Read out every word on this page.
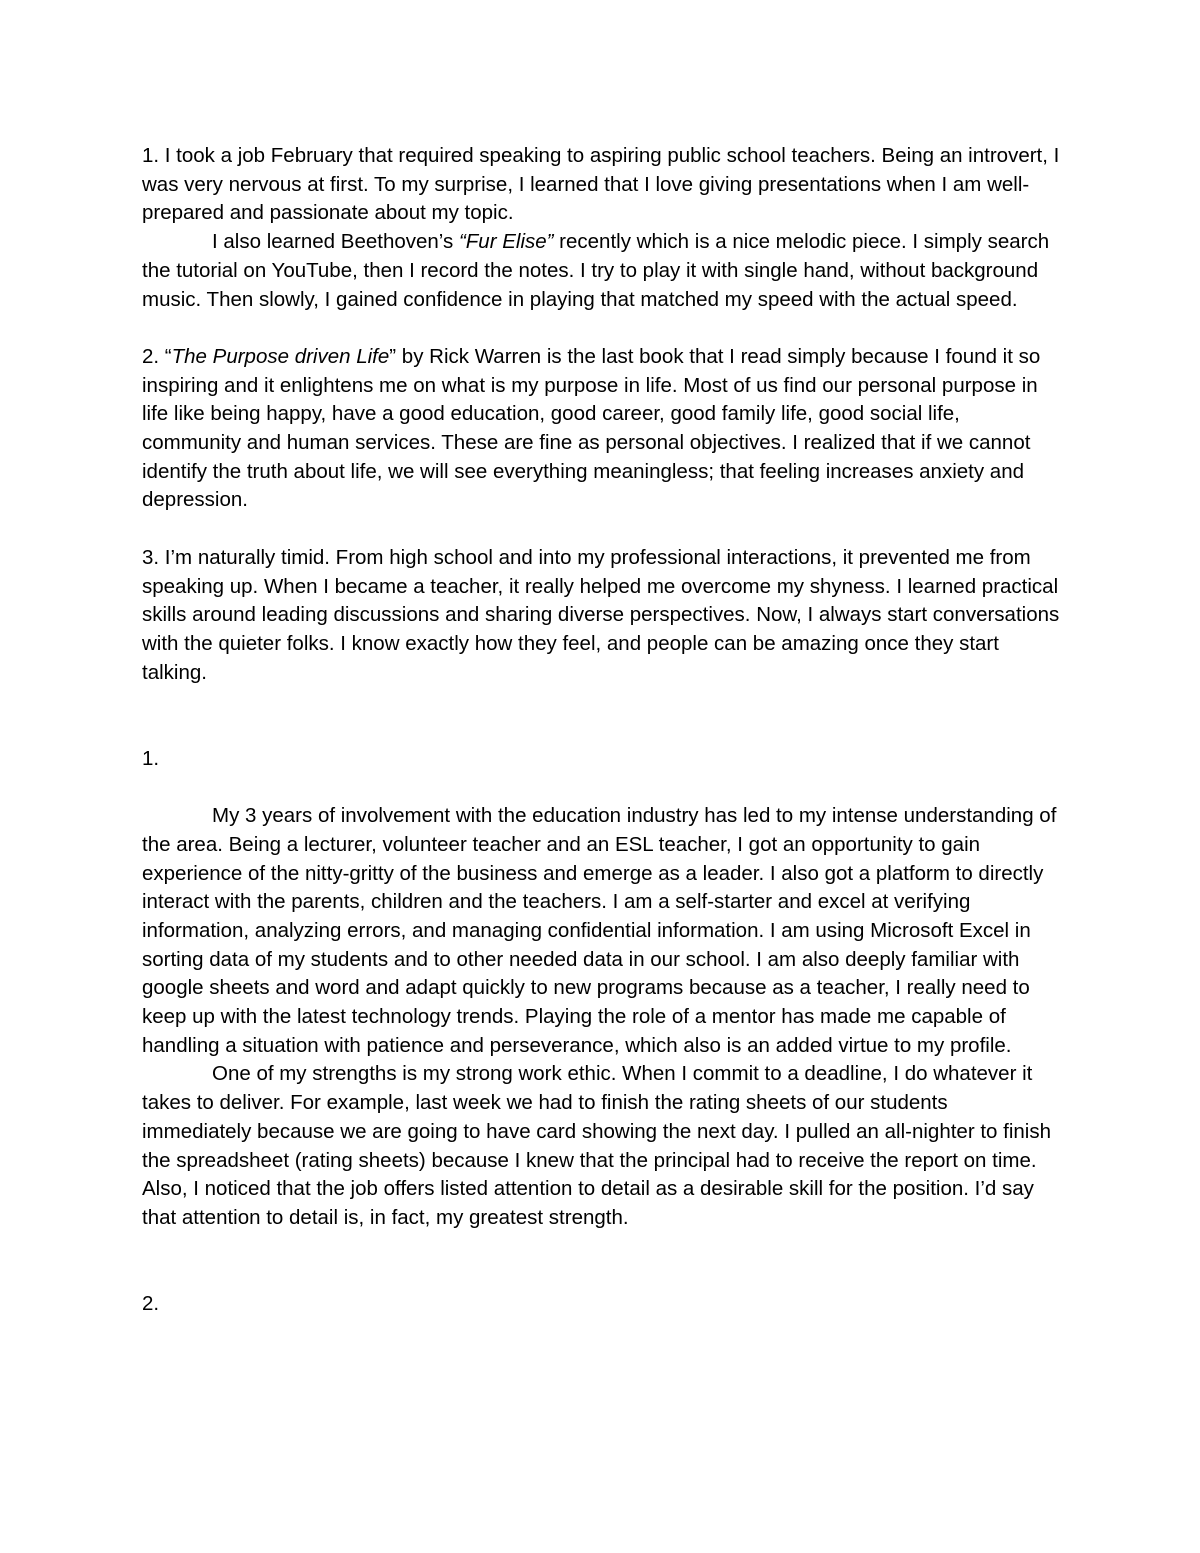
1. I took a job February that required speaking to aspiring public school teachers. Being an introvert, I was very nervous at first. To my surprise, I learned that I love giving presentations when I am well-prepared and passionate about my topic.

I also learned Beethoven’s “Fur Elise” recently which is a nice melodic piece. I simply search the tutorial on YouTube, then I record the notes. I try to play it with single hand, without background music. Then slowly, I gained confidence in playing that matched my speed with the actual speed.

2. “The Purpose driven Life” by Rick Warren is the last book that I read simply because I found it so inspiring and it enlightens me on what is my purpose in life. Most of us find our personal purpose in life like being happy, have a good education, good career, good family life, good social life, community and human services. These are fine as personal objectives. I realized that if we cannot identify the truth about life, we will see everything meaningless; that feeling increases anxiety and depression.

3. I’m naturally timid. From high school and into my professional interactions, it prevented me from speaking up. When I became a teacher, it really helped me overcome my shyness. I learned practical skills around leading discussions and sharing diverse perspectives. Now, I always start conversations with the quieter folks. I know exactly how they feel, and people can be amazing once they start talking.

1.

My 3 years of involvement with the education industry has led to my intense understanding of the area. Being a lecturer, volunteer teacher and an ESL teacher, I got an opportunity to gain experience of the nitty-gritty of the business and emerge as a leader. I also got a platform to directly interact with the parents, children and the teachers. I am a self-starter and excel at verifying information, analyzing errors, and managing confidential information. I am using Microsoft Excel in sorting data of my students and to other needed data in our school. I am also deeply familiar with google sheets and word and adapt quickly to new programs because as a teacher, I really need to keep up with the latest technology trends. Playing the role of a mentor has made me capable of handling a situation with patience and perseverance, which also is an added virtue to my profile.

One of my strengths is my strong work ethic. When I commit to a deadline, I do whatever it takes to deliver. For example, last week we had to finish the rating sheets of our students immediately because we are going to have card showing the next day. I pulled an all-nighter to finish the spreadsheet (rating sheets) because I knew that the principal had to receive the report on time. Also, I noticed that the job offers listed attention to detail as a desirable skill for the position. I’d say that attention to detail is, in fact, my greatest strength.

2.
